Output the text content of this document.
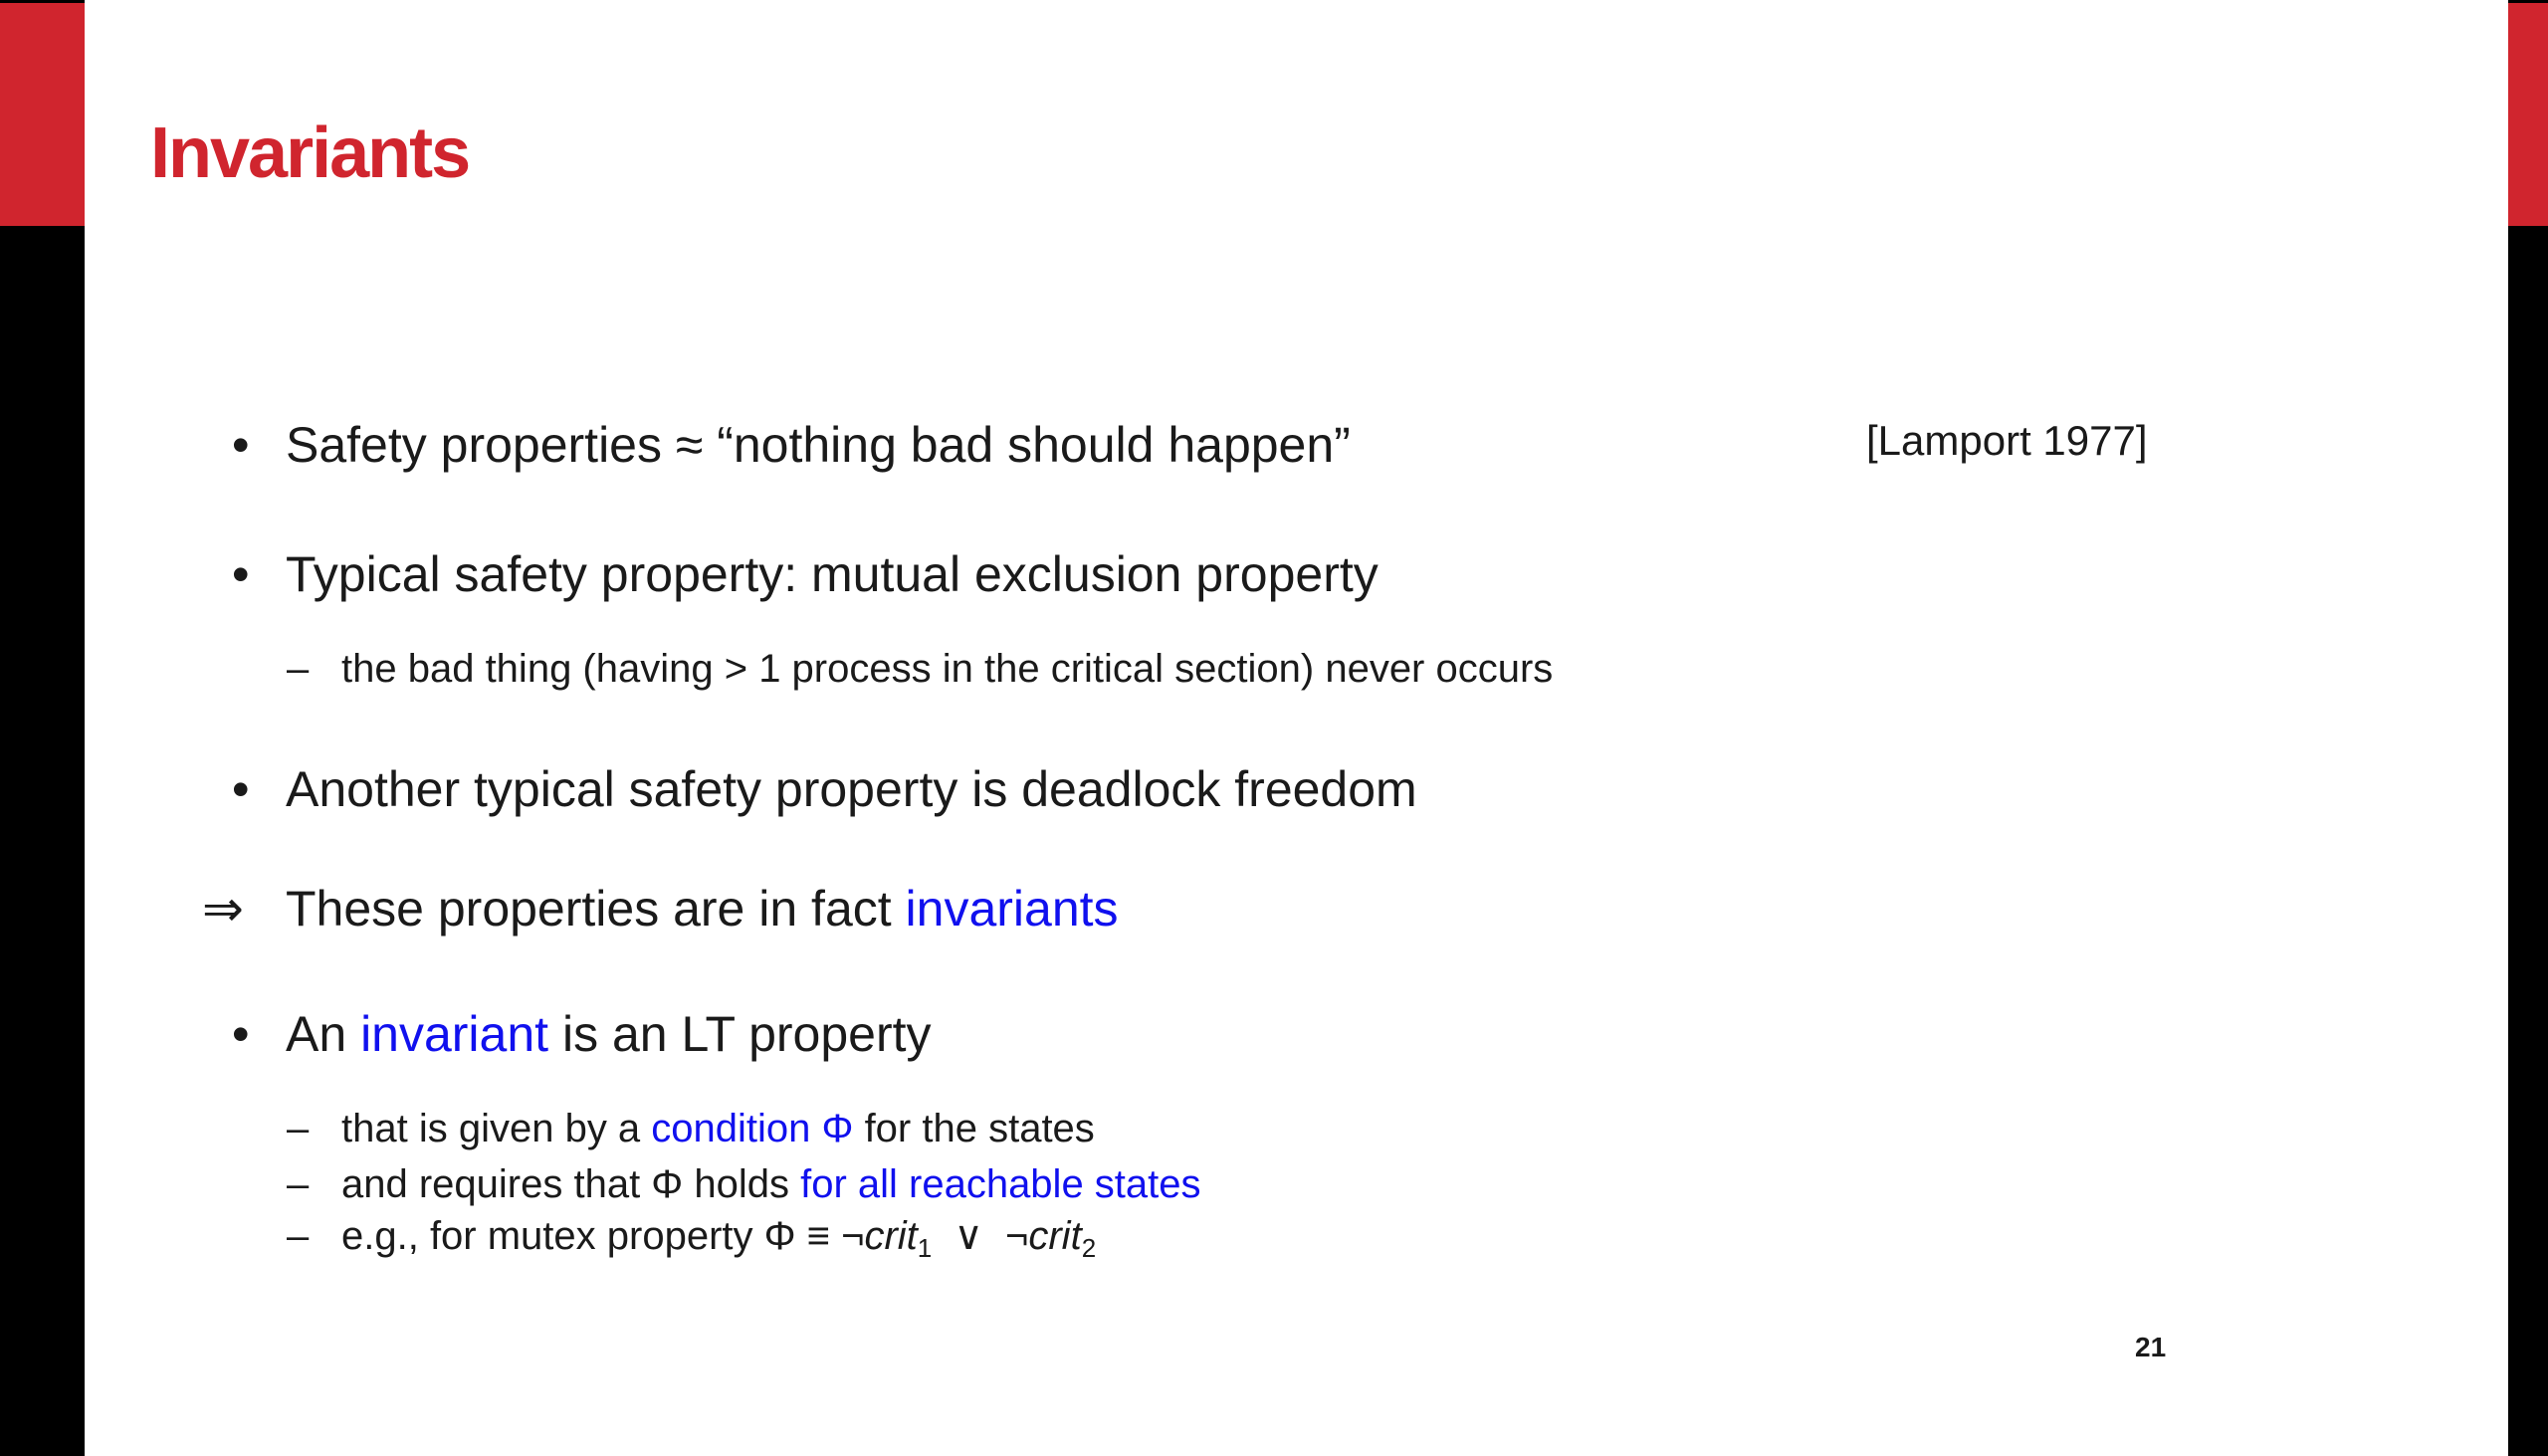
Invariants
• Safety properties ≈ “nothing bad should happen”	[Lamport 1977]
• Typical safety property: mutual exclusion property
– the bad thing (having > 1 process in the critical section) never occurs
• Another typical safety property is deadlock freedom
⇒ These properties are in fact invariants
• An invariant is an LT property
– that is given by a condition Φ for the states
– and requires that Φ holds for all reachable states
– e.g., for mutex property Φ ≡ ¬crit$_1$  ∨  ¬crit$_2$
21
